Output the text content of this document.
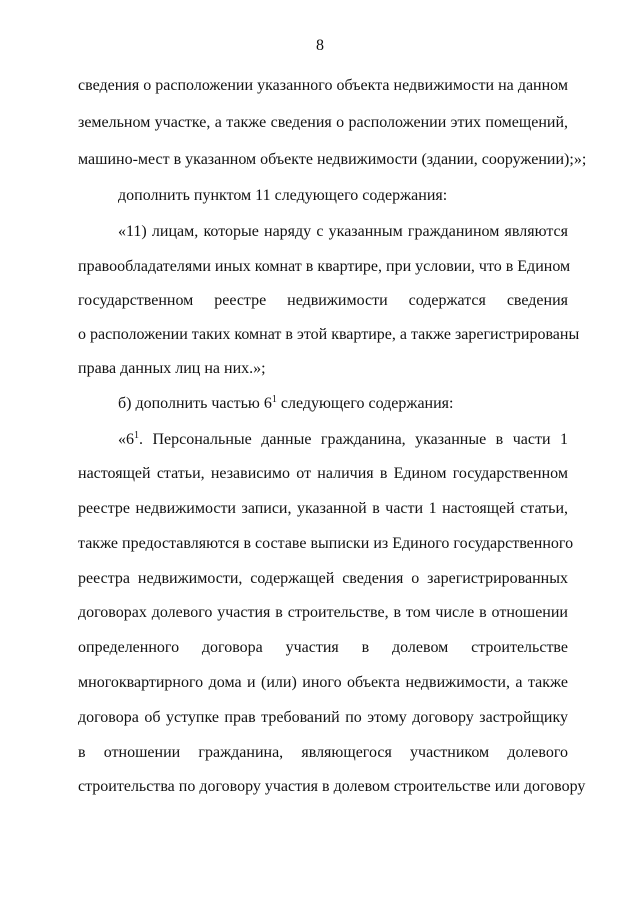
8
сведения о расположении указанного объекта недвижимости на данном
земельном участке, а также сведения о расположении этих помещений,
машино-мест в указанном объекте недвижимости (здании, сооружении);»;
дополнить пунктом 11 следующего содержания:
«11) лицам, которые наряду с указанным гражданином являются
правообладателями иных комнат в квартире, при условии, что в Едином
государственном реестре недвижимости содержатся сведения
о расположении таких комнат в этой квартире, а также зарегистрированы
права данных лиц на них.»;
б) дополнить частью $6^1$ следующего содержания:
«$6^1$. Персональные данные гражданина, указанные в части 1
настоящей статьи, независимо от наличия в Едином государственном
реестре недвижимости записи, указанной в части 1 настоящей статьи,
также предоставляются в составе выписки из Единого государственного
реестра недвижимости, содержащей сведения о зарегистрированных
договорах долевого участия в строительстве, в том числе в отношении
определенного договора участия в долевом строительстве
многоквартирного дома и (или) иного объекта недвижимости, а также
договора об уступке прав требований по этому договору застройщику
в отношении гражданина, являющегося участником долевого
строительства по договору участия в долевом строительстве или договору
